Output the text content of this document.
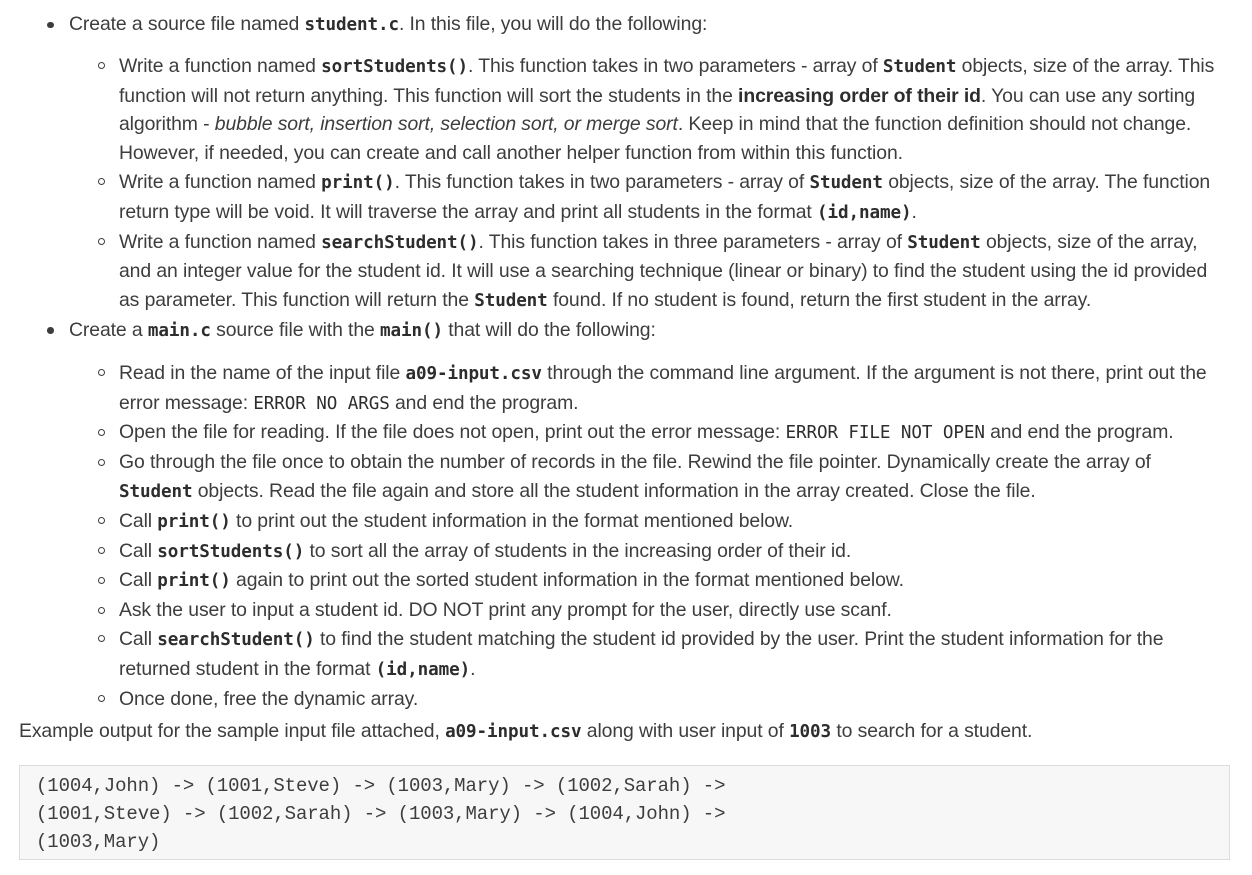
Create a source file named student.c. In this file, you will do the following:
Write a function named sortStudents(). This function takes in two parameters - array of Student objects, size of the array. This function will not return anything. This function will sort the students in the increasing order of their id. You can use any sorting algorithm - bubble sort, insertion sort, selection sort, or merge sort. Keep in mind that the function definition should not change. However, if needed, you can create and call another helper function from within this function.
Write a function named print(). This function takes in two parameters - array of Student objects, size of the array. The function return type will be void. It will traverse the array and print all students in the format (id,name).
Write a function named searchStudent(). This function takes in three parameters - array of Student objects, size of the array, and an integer value for the student id. It will use a searching technique (linear or binary) to find the student using the id provided as parameter. This function will return the Student found. If no student is found, return the first student in the array.
Create a main.c source file with the main() that will do the following:
Read in the name of the input file a09-input.csv through the command line argument. If the argument is not there, print out the error message: ERROR NO ARGS and end the program.
Open the file for reading. If the file does not open, print out the error message: ERROR FILE NOT OPEN and end the program.
Go through the file once to obtain the number of records in the file. Rewind the file pointer. Dynamically create the array of Student objects. Read the file again and store all the student information in the array created. Close the file.
Call print() to print out the student information in the format mentioned below.
Call sortStudents() to sort all the array of students in the increasing order of their id.
Call print() again to print out the sorted student information in the format mentioned below.
Ask the user to input a student id. DO NOT print any prompt for the user, directly use scanf.
Call searchStudent() to find the student matching the student id provided by the user. Print the student information for the returned student in the format (id,name).
Once done, free the dynamic array.

Example output for the sample input file attached, a09-input.csv along with user input of 1003 to search for a student.

(1004,John) -> (1001,Steve) -> (1003,Mary) -> (1002,Sarah) ->
(1001,Steve) -> (1002,Sarah) -> (1003,Mary) -> (1004,John) ->
(1003,Mary)
